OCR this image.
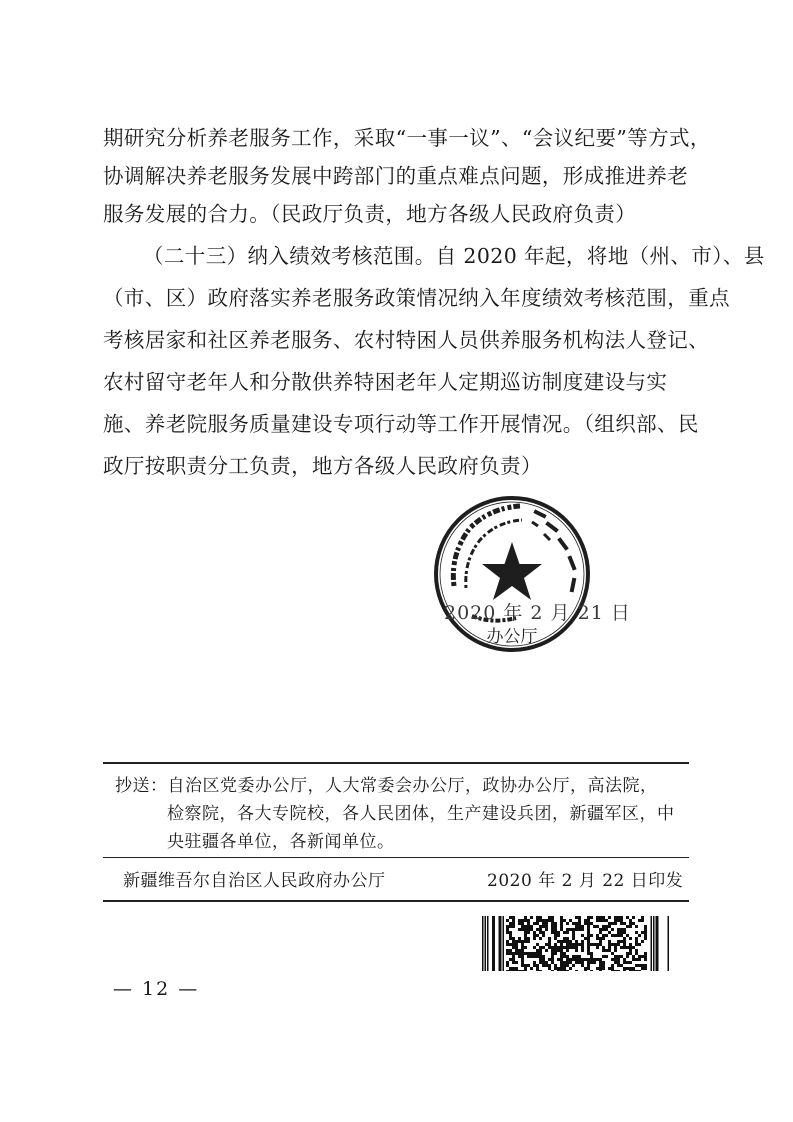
期研究分析养老服务工作，采取“一事一议”、“会议纪要”等方式，
协调解决养老服务发展中跨部门的重点难点问题，形成推进养老
服务发展的合力。（民政厅负责，地方各级人民政府负责）
（二十三）纳入绩效考核范围。自 2020 年起，将地（州、市）、县
（市、区）政府落实养老服务政策情况纳入年度绩效考核范围，重点
考核居家和社区养老服务、农村特困人员供养服务机构法人登记、
农村留守老年人和分散供养特困老年人定期巡访制度建设与实
施、养老院服务质量建设专项行动等工作开展情况。（组织部、民
政厅按职责分工负责，地方各级人民政府负责）
办公厅
2020 年 2 月 21 日
抄送：自治区党委办公厅，人大常委会办公厅，政协办公厅，高法院，
检察院，各大专院校，各人民团体，生产建设兵团，新疆军区，中
央驻疆各单位，各新闻单位。
新疆维吾尔自治区人民政府办公厅	2020 年 2 月 22 日印发
— 12 —
